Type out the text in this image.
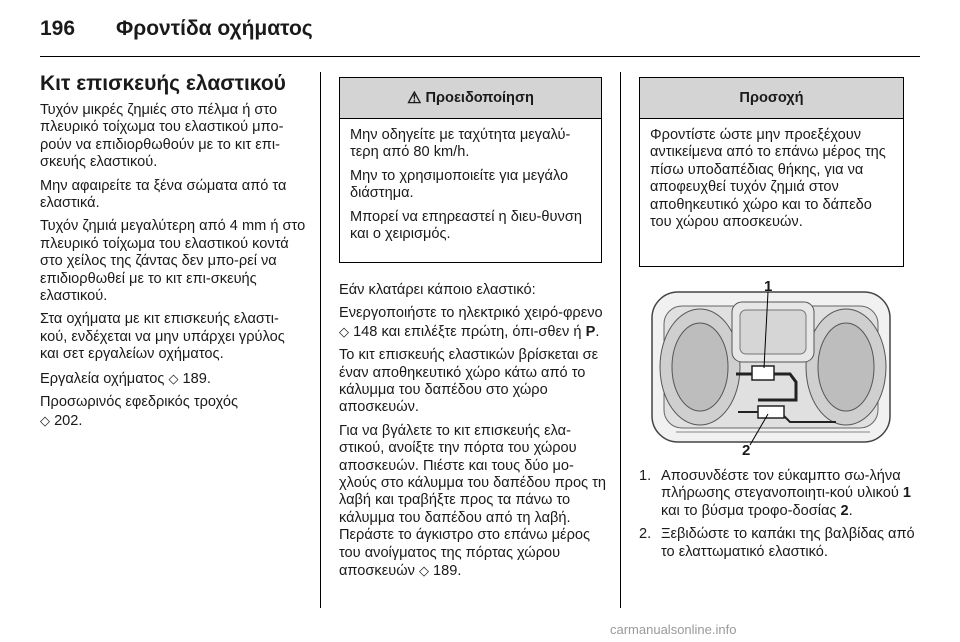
196 Φροντίδα οχήματος
Κιτ επισκευής ελαστικού

Τυχόν μικρές ζημιές στο πέλμα ή στο πλευρικό τοίχωμα του ελαστικού μπο-ρούν να επιδιορθωθούν με το κιτ επι-σκευής ελαστικού.

Μην αφαιρείτε τα ξένα σώματα από τα ελαστικά.

Τυχόν ζημιά μεγαλύτερη από 4 mm ή στο πλευρικό τοίχωμα του ελαστικού κοντά στο χείλος της ζάντας δεν μπο-ρεί να επιδιορθωθεί με το κιτ επι-σκευής ελαστικού.

Στα οχήματα με κιτ επισκευής ελαστι-κού, ενδέχεται να μην υπάρχει γρύλος και σετ εργαλείων οχήματος.

Εργαλεία οχήματος ◇ 189.

Προσωρινός εφεδρικός τροχός
◇ 202.

⚠ Προειδοποίηση

Μην οδηγείτε με ταχύτητα μεγαλύ-τερη από 80 km/h.

Μην το χρησιμοποιείτε για μεγάλο διάστημα.

Μπορεί να επηρεαστεί η διευ-θυνση και ο χειρισμός.

Εάν κλατάρει κάποιο ελαστικό:

Ενεργοποιήστε το ηλεκτρικό χειρό-φρενο ◇ 148 και επιλέξτε πρώτη, όπι-σθεν ή P.

Το κιτ επισκευής ελαστικών βρίσκεται σε έναν αποθηκευτικό χώρο κάτω από το κάλυμμα του δαπέδου στο χώρο αποσκευών.

Για να βγάλετε το κιτ επισκευής ελα-στικού, ανοίξτε την πόρτα του χώρου αποσκευών. Πιέστε και τους δύο μο-χλούς στο κάλυμμα του δαπέδου προς τη λαβή και τραβήξτε προς τα πάνω το κάλυμμα του δαπέδου από τη λαβή. Περάστε το άγκιστρο στο επάνω μέρος του ανοίγματος της πόρτας χώρου αποσκευών ◇ 189.

Προσοχή

Φροντίστε ώστε μην προεξέχουν αντικείμενα από το επάνω μέρος της πίσω υποδαπέδιας θήκης, για να αποφευχθεί τυχόν ζημιά στον αποθηκευτικό χώρο και το δάπεδο του χώρου αποσκευών.

1
2
1. Αποσυνδέστε τον εύκαμπτο σω-λήνα πλήρωσης στεγανοποιητι-κού υλικού 1 και το βύσμα τροφο-δοσίας 2.
2. Ξεβιδώστε το καπάκι της βαλβίδας από το ελαττωματικό ελαστικό.
carmanualsonline.info
